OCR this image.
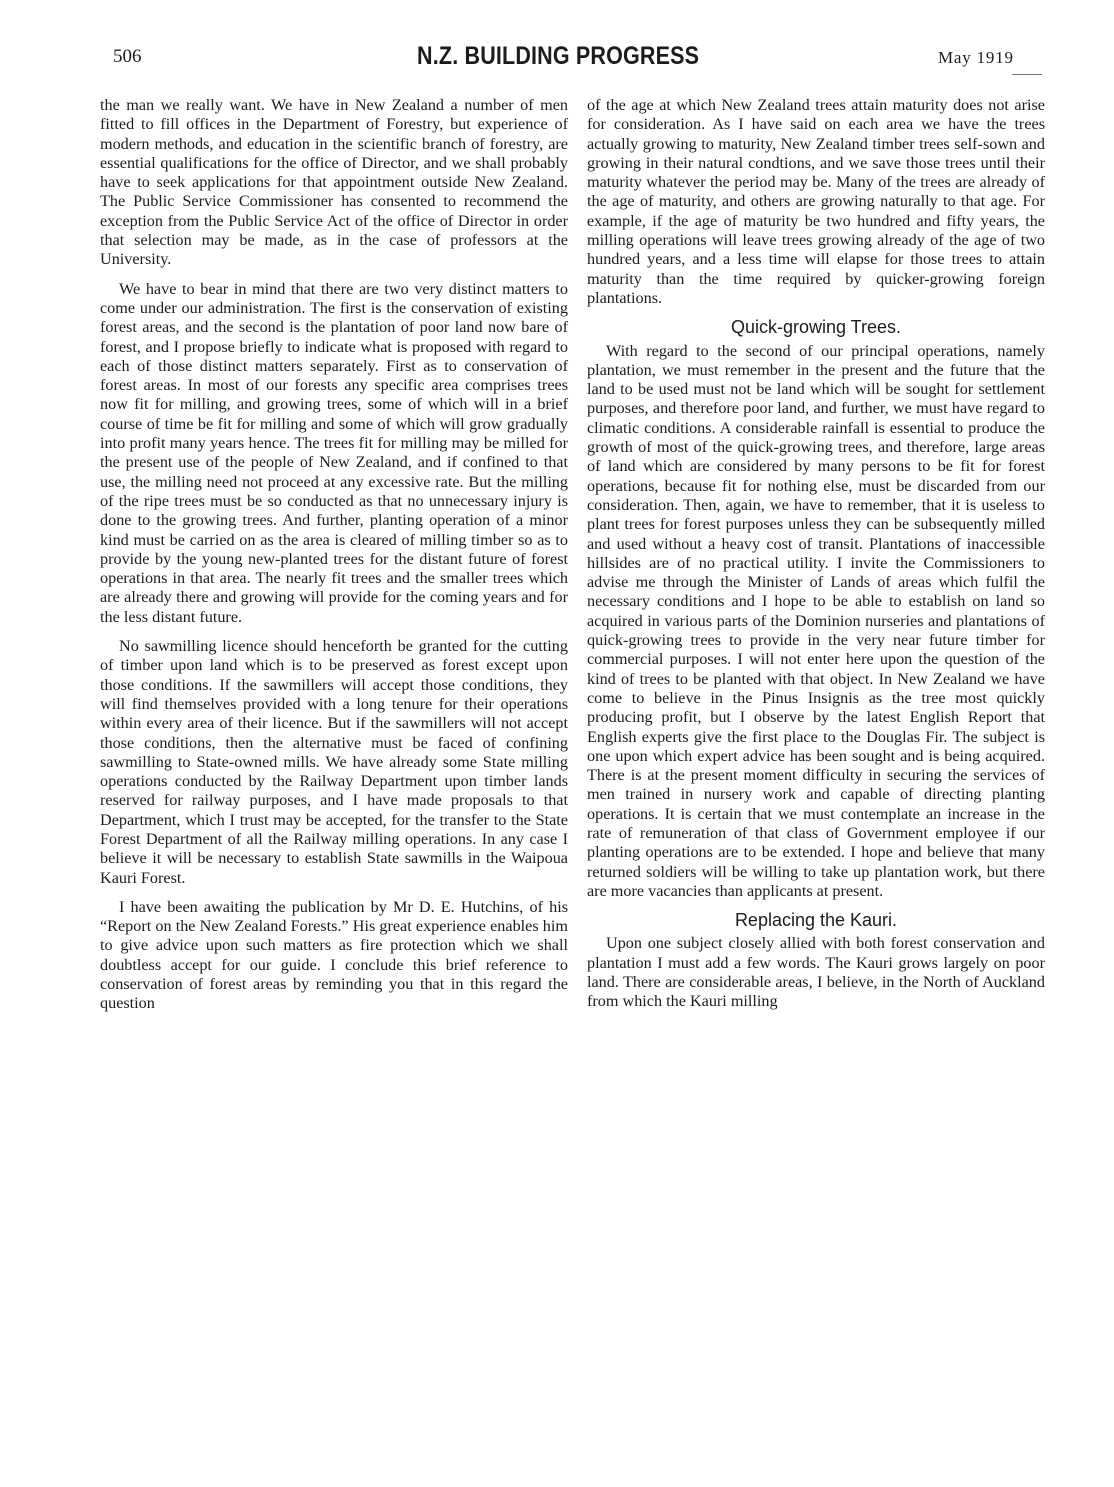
506	N.Z. BUILDING PROGRESS	May 1919

the man we really want. We have in New Zealand a number of men fitted to fill offices in the Department of Forestry, but experience of modern methods, and education in the scientific branch of forestry, are essential qualifications for the office of Director, and we shall probably have to seek applications for that appointment outside New Zealand. The Public Service Commissioner has consented to recommend the exception from the Public Service Act of the office of Director in order that selection may be made, as in the case of professors at the University.

We have to bear in mind that there are two very distinct matters to come under our administration. The first is the conservation of existing forest areas, and the second is the plantation of poor land now bare of forest, and I propose briefly to indicate what is proposed with regard to each of those distinct matters separately. First as to conservation of forest areas. In most of our forests any specific area comprises trees now fit for milling, and growing trees, some of which will in a brief course of time be fit for milling and some of which will grow gradually into profit many years hence. The trees fit for milling may be milled for the present use of the people of New Zealand, and if confined to that use, the milling need not proceed at any excessive rate. But the milling of the ripe trees must be so conducted as that no unnecessary injury is done to the growing trees. And further, planting operation of a minor kind must be carried on as the area is cleared of milling timber so as to provide by the young new-planted trees for the distant future of forest operations in that area. The nearly fit trees and the smaller trees which are already there and growing will provide for the coming years and for the less distant future.

No sawmilling licence should henceforth be granted for the cutting of timber upon land which is to be preserved as forest except upon those conditions. If the sawmillers will accept those conditions, they will find themselves provided with a long tenure for their operations within every area of their licence. But if the sawmillers will not accept those conditions, then the alternative must be faced of confining sawmilling to State-owned mills. We have already some State milling operations conducted by the Railway Department upon timber lands reserved for railway purposes, and I have made proposals to that Department, which I trust may be accepted, for the transfer to the State Forest Department of all the Railway milling operations. In any case I believe it will be necessary to establish State sawmills in the Waipoua Kauri Forest.

I have been awaiting the publication by Mr D. E. Hutchins, of his “Report on the New Zealand Forests.” His great experience enables him to give advice upon such matters as fire protection which we shall doubtless accept for our guide. I conclude this brief reference to conservation of forest areas by reminding you that in this regard the question

of the age at which New Zealand trees attain maturity does not arise for consideration. As I have said on each area we have the trees actually growing to maturity, New Zealand timber trees self-sown and growing in their natural condtions, and we save those trees until their maturity whatever the period may be. Many of the trees are already of the age of maturity, and others are growing naturally to that age. For example, if the age of maturity be two hundred and fifty years, the milling operations will leave trees growing already of the age of two hundred years, and a less time will elapse for those trees to attain maturity than the time required by quicker-growing foreign plantations.

Quick-growing Trees.

With regard to the second of our principal operations, namely plantation, we must remember in the present and the future that the land to be used must not be land which will be sought for settlement purposes, and therefore poor land, and further, we must have regard to climatic conditions. A considerable rainfall is essential to produce the growth of most of the quick-growing trees, and therefore, large areas of land which are considered by many persons to be fit for forest operations, because fit for nothing else, must be discarded from our consideration. Then, again, we have to remember, that it is useless to plant trees for forest purposes unless they can be subsequently milled and used without a heavy cost of transit. Plantations of inaccessible hillsides are of no practical utility. I invite the Commissioners to advise me through the Minister of Lands of areas which fulfil the necessary conditions and I hope to be able to establish on land so acquired in various parts of the Dominion nurseries and plantations of quick-growing trees to provide in the very near future timber for commercial purposes. I will not enter here upon the question of the kind of trees to be planted with that object. In New Zealand we have come to believe in the Pinus Insignis as the tree most quickly producing profit, but I observe by the latest English Report that English experts give the first place to the Douglas Fir. The subject is one upon which expert advice has been sought and is being acquired. There is at the present moment difficulty in securing the services of men trained in nursery work and capable of directing planting operations. It is certain that we must contemplate an increase in the rate of remuneration of that class of Government employee if our planting operations are to be extended. I hope and believe that many returned soldiers will be willing to take up plantation work, but there are more vacancies than applicants at present.

Replacing the Kauri.

Upon one subject closely allied with both forest conservation and plantation I must add a few words. The Kauri grows largely on poor land. There are considerable areas, I believe, in the North of Auckland from which the Kauri milling
